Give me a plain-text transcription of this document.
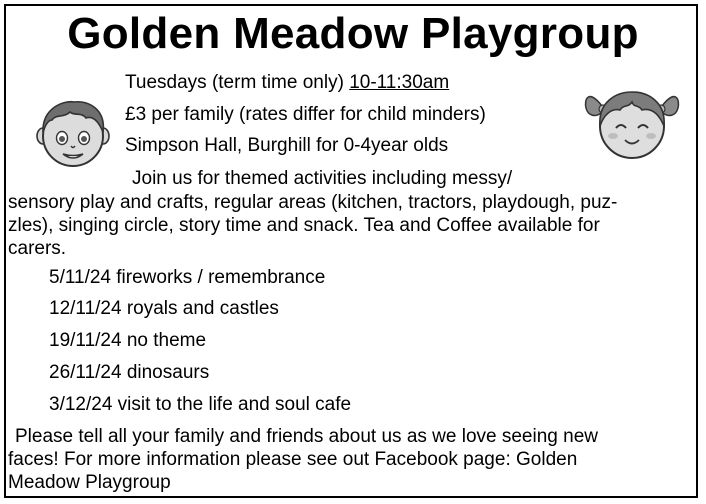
Golden Meadow Playgroup
Tuesdays (term time only) 10-11:30am
£3 per family (rates differ for child minders)
Simpson Hall, Burghill for 0-4year olds
Join us for themed activities including messy/
sensory play and crafts, regular areas (kitchen, tractors, playdough, puz-
zles), singing circle, story time and snack. Tea and Coffee available for
carers.
5/11/24 fireworks / remembrance
12/11/24 royals and castles
19/11/24 no theme
26/11/24 dinosaurs
3/12/24 visit to the life and soul cafe
Please tell all your family and friends about us as we love seeing new
faces! For more information please see out Facebook page: Golden
Meadow Playgroup
